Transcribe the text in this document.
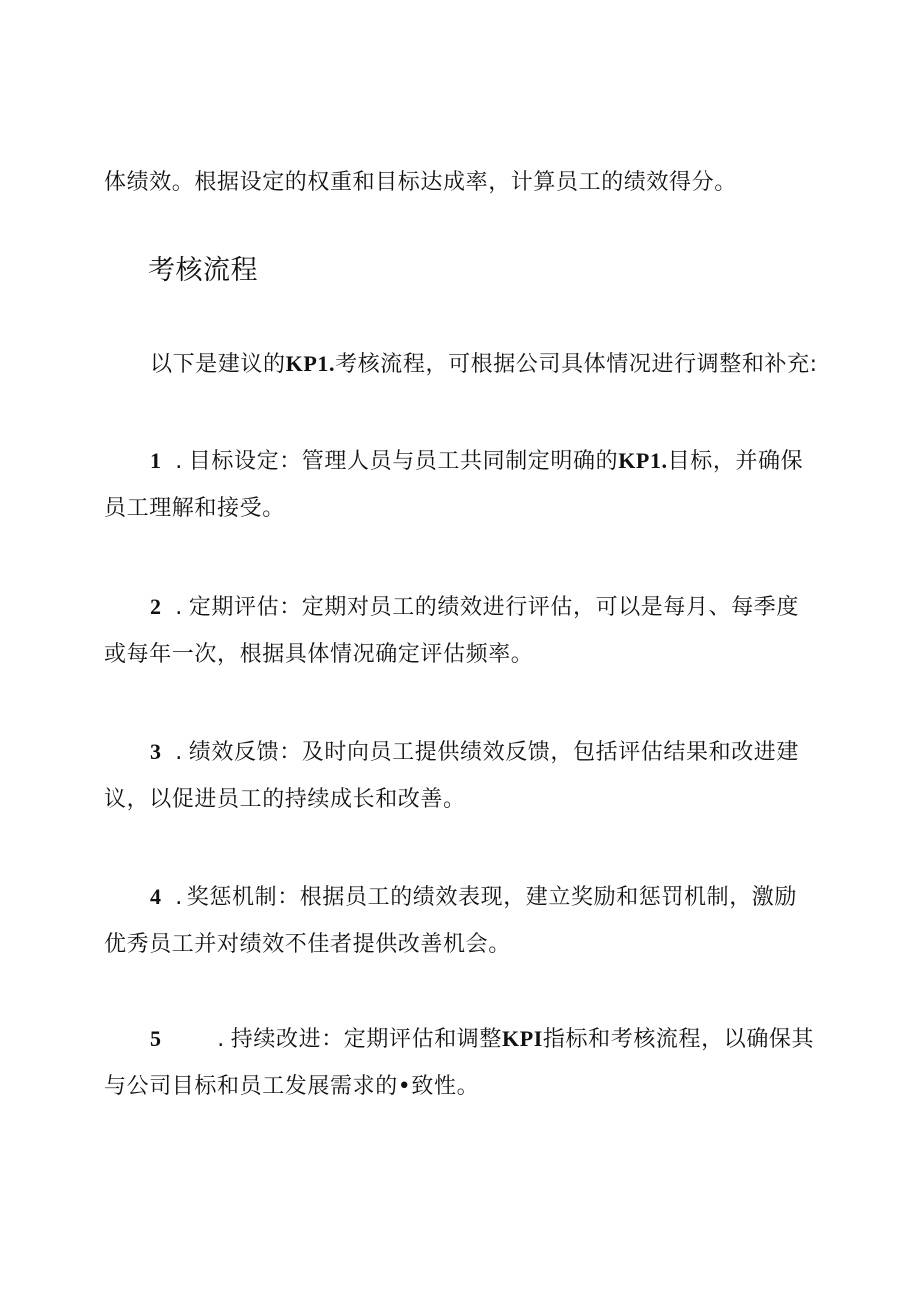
体绩效。根据设定的权重和目标达成率，计算员工的绩效得分。
考核流程
以下是建议的KP1.考核流程，可根据公司具体情况进行调整和补充:
1 . 目标设定：管理人员与员工共同制定明确的KP1.目标，并确保
员工理解和接受。
2 . 定期评估：定期对员工的绩效进行评估，可以是每月、每季度
或每年一次，根据具体情况确定评估频率。
3 . 绩效反馈：及时向员工提供绩效反馈，包括评估结果和改进建
议，以促进员工的持续成长和改善。
4 . 奖惩机制：根据员工的绩效表现，建立奖励和惩罚机制，激励
优秀员工并对绩效不佳者提供改善机会。
5	. 持续改进：定期评估和调整KPI指标和考核流程，以确保其
与公司目标和员工发展需求的•致性。
